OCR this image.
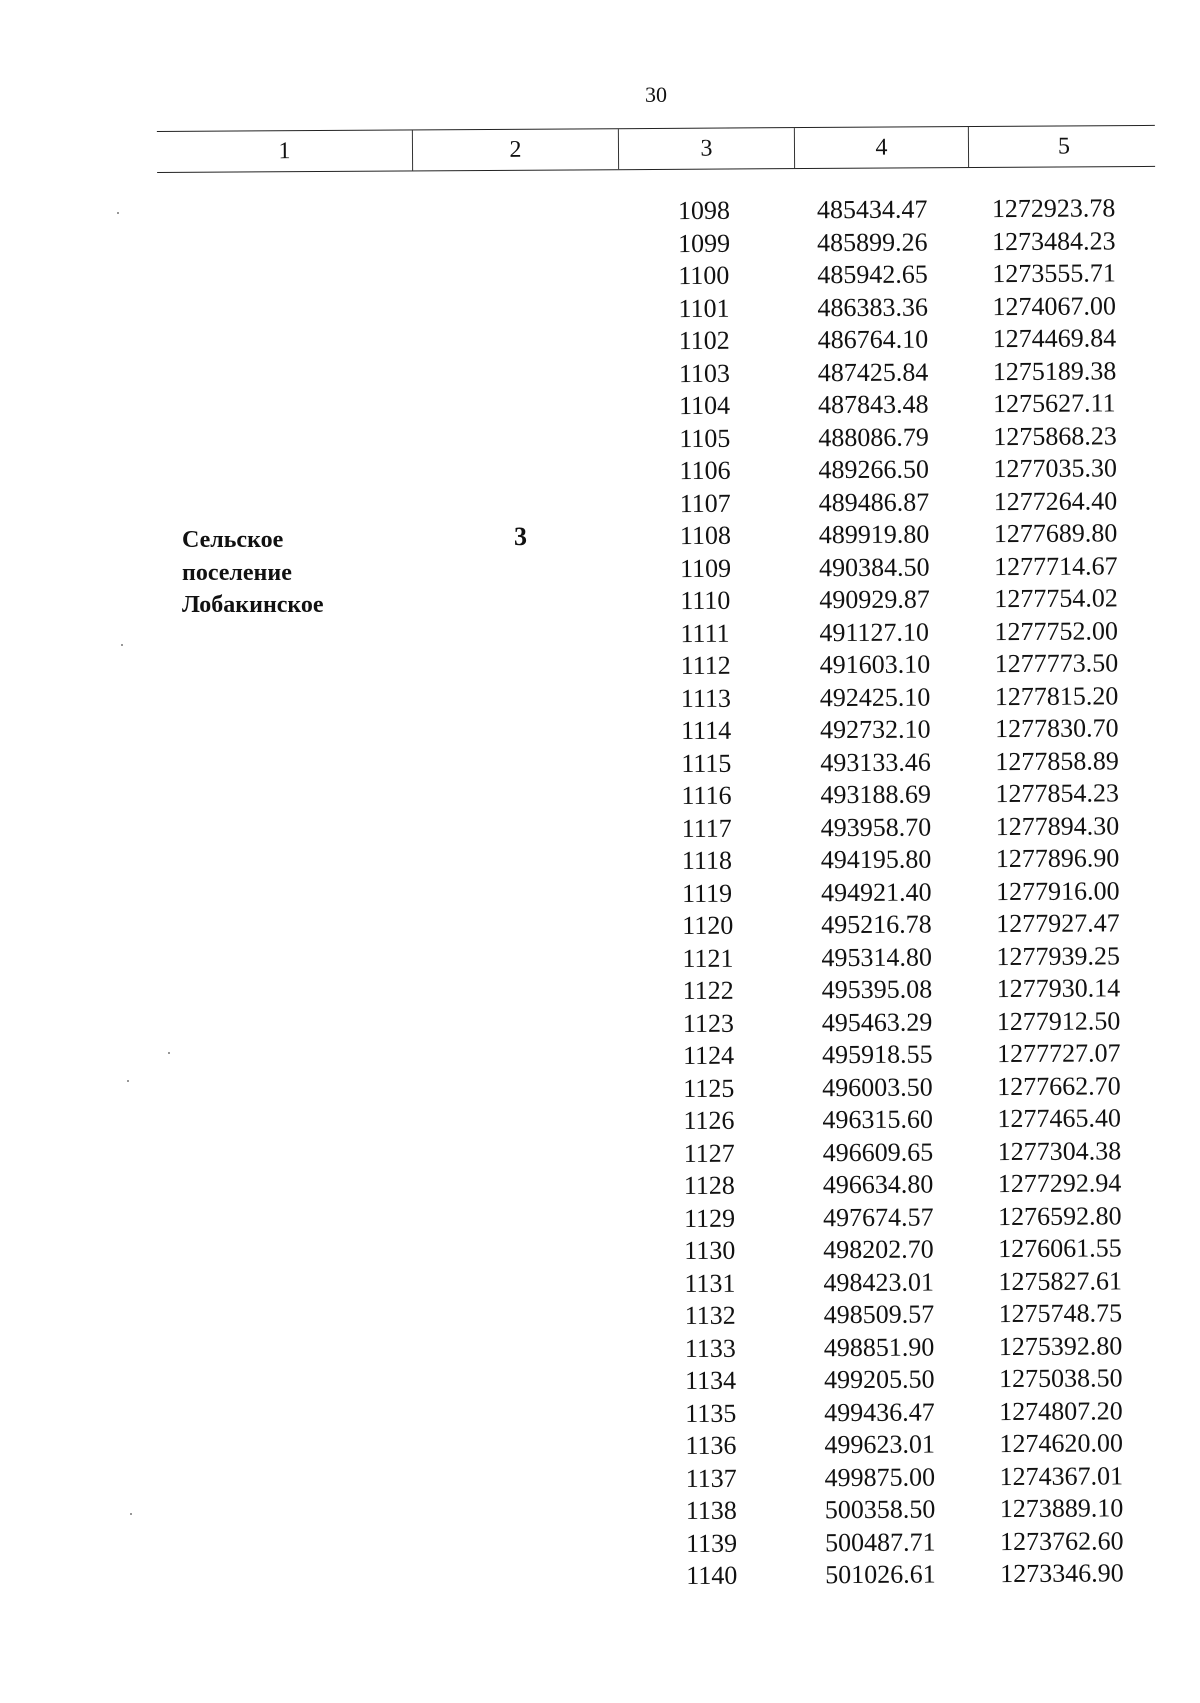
30
1	2	3	4	5
Сельское
поселение
Лобакинское
3
1098	485434.47 1272923.78
1099	485899.26 1273484.23
1100	485942.65 1273555.71
1101	486383.36 1274067.00
1102	486764.10 1274469.84
1103	487425.84 1275189.38
1104	487843.48 1275627.11
1105	488086.79 1275868.23
1106	489266.50 1277035.30
1107	489486.87 1277264.40
1108	489919.80 1277689.80
1109	490384.50 1277714.67
1110	490929.87 1277754.02
1111	491127.10	1277752.00
1112	491603.10 1277773.50
1113	492425.10 1277815.20
1114	492732.10 1277830.70
1115	493133.46 1277858.89
1116	493188.69 1277854.23
1117	493958.70 1277894.30
1118	494195.80 1277896.90
1119	494921.40 1277916.00
1120	495216.78 1277927.47
1121	495314.80 1277939.25
1122	495395.08 1277930.14
1123	495463.29 1277912.50
1124	495918.55 1277727.07
1125	496003.50 1277662.70
1126	496315.60 1277465.40
1127	496609.65 1277304.38
1128	496634.80 1277292.94
1129	497674.57 1276592.80
1130	498202.70 1276061.55
1131	498423.01 1275827.61
1132	498509.57 1275748.75
1133	498851.90 1275392.80
1134	499205.50 1275038.50
1135	499436.47 1274807.20
1136	499623.01 1274620.00
1137	499875.00 1274367.01
1138	500358.50 1273889.10
1139	500487.71 1273762.60
1140	501026.61 1273346.90
